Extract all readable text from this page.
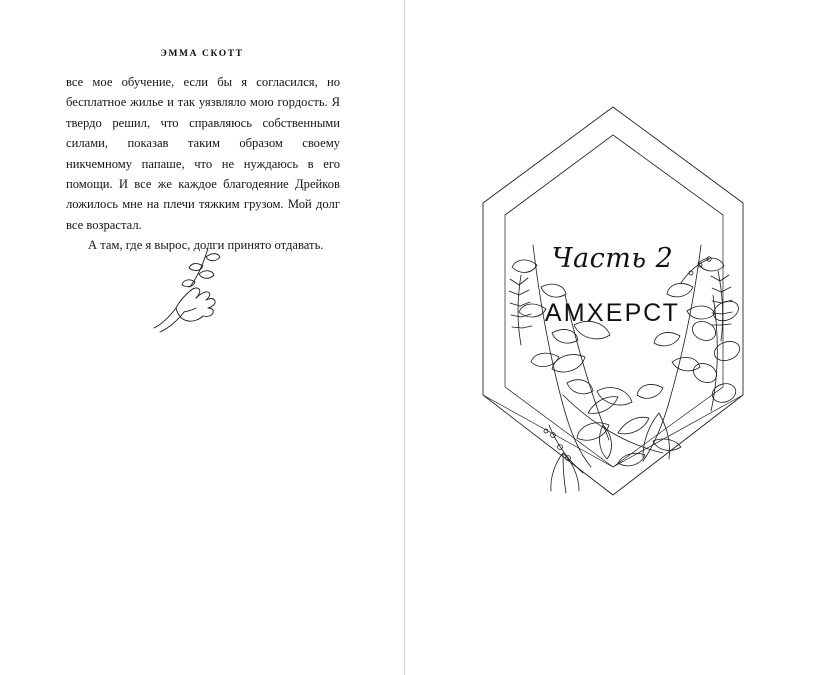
ЭММА СКОТТ

все мое обучение, если бы я согласился, но бесплатное жилье и так уязвляло мою гордость. Я твердо решил, что справляюсь собственными силами, показав таким образом своему никчемному папаше, что не нуждаюсь в его помощи. И все же каждое благодеяние Дрейков ложилось мне на плечи тяжким грузом. Мой долг все возрастал.

А там, где я вырос, долги принято отдавать.	Часть 2
АМХЕРСТ
